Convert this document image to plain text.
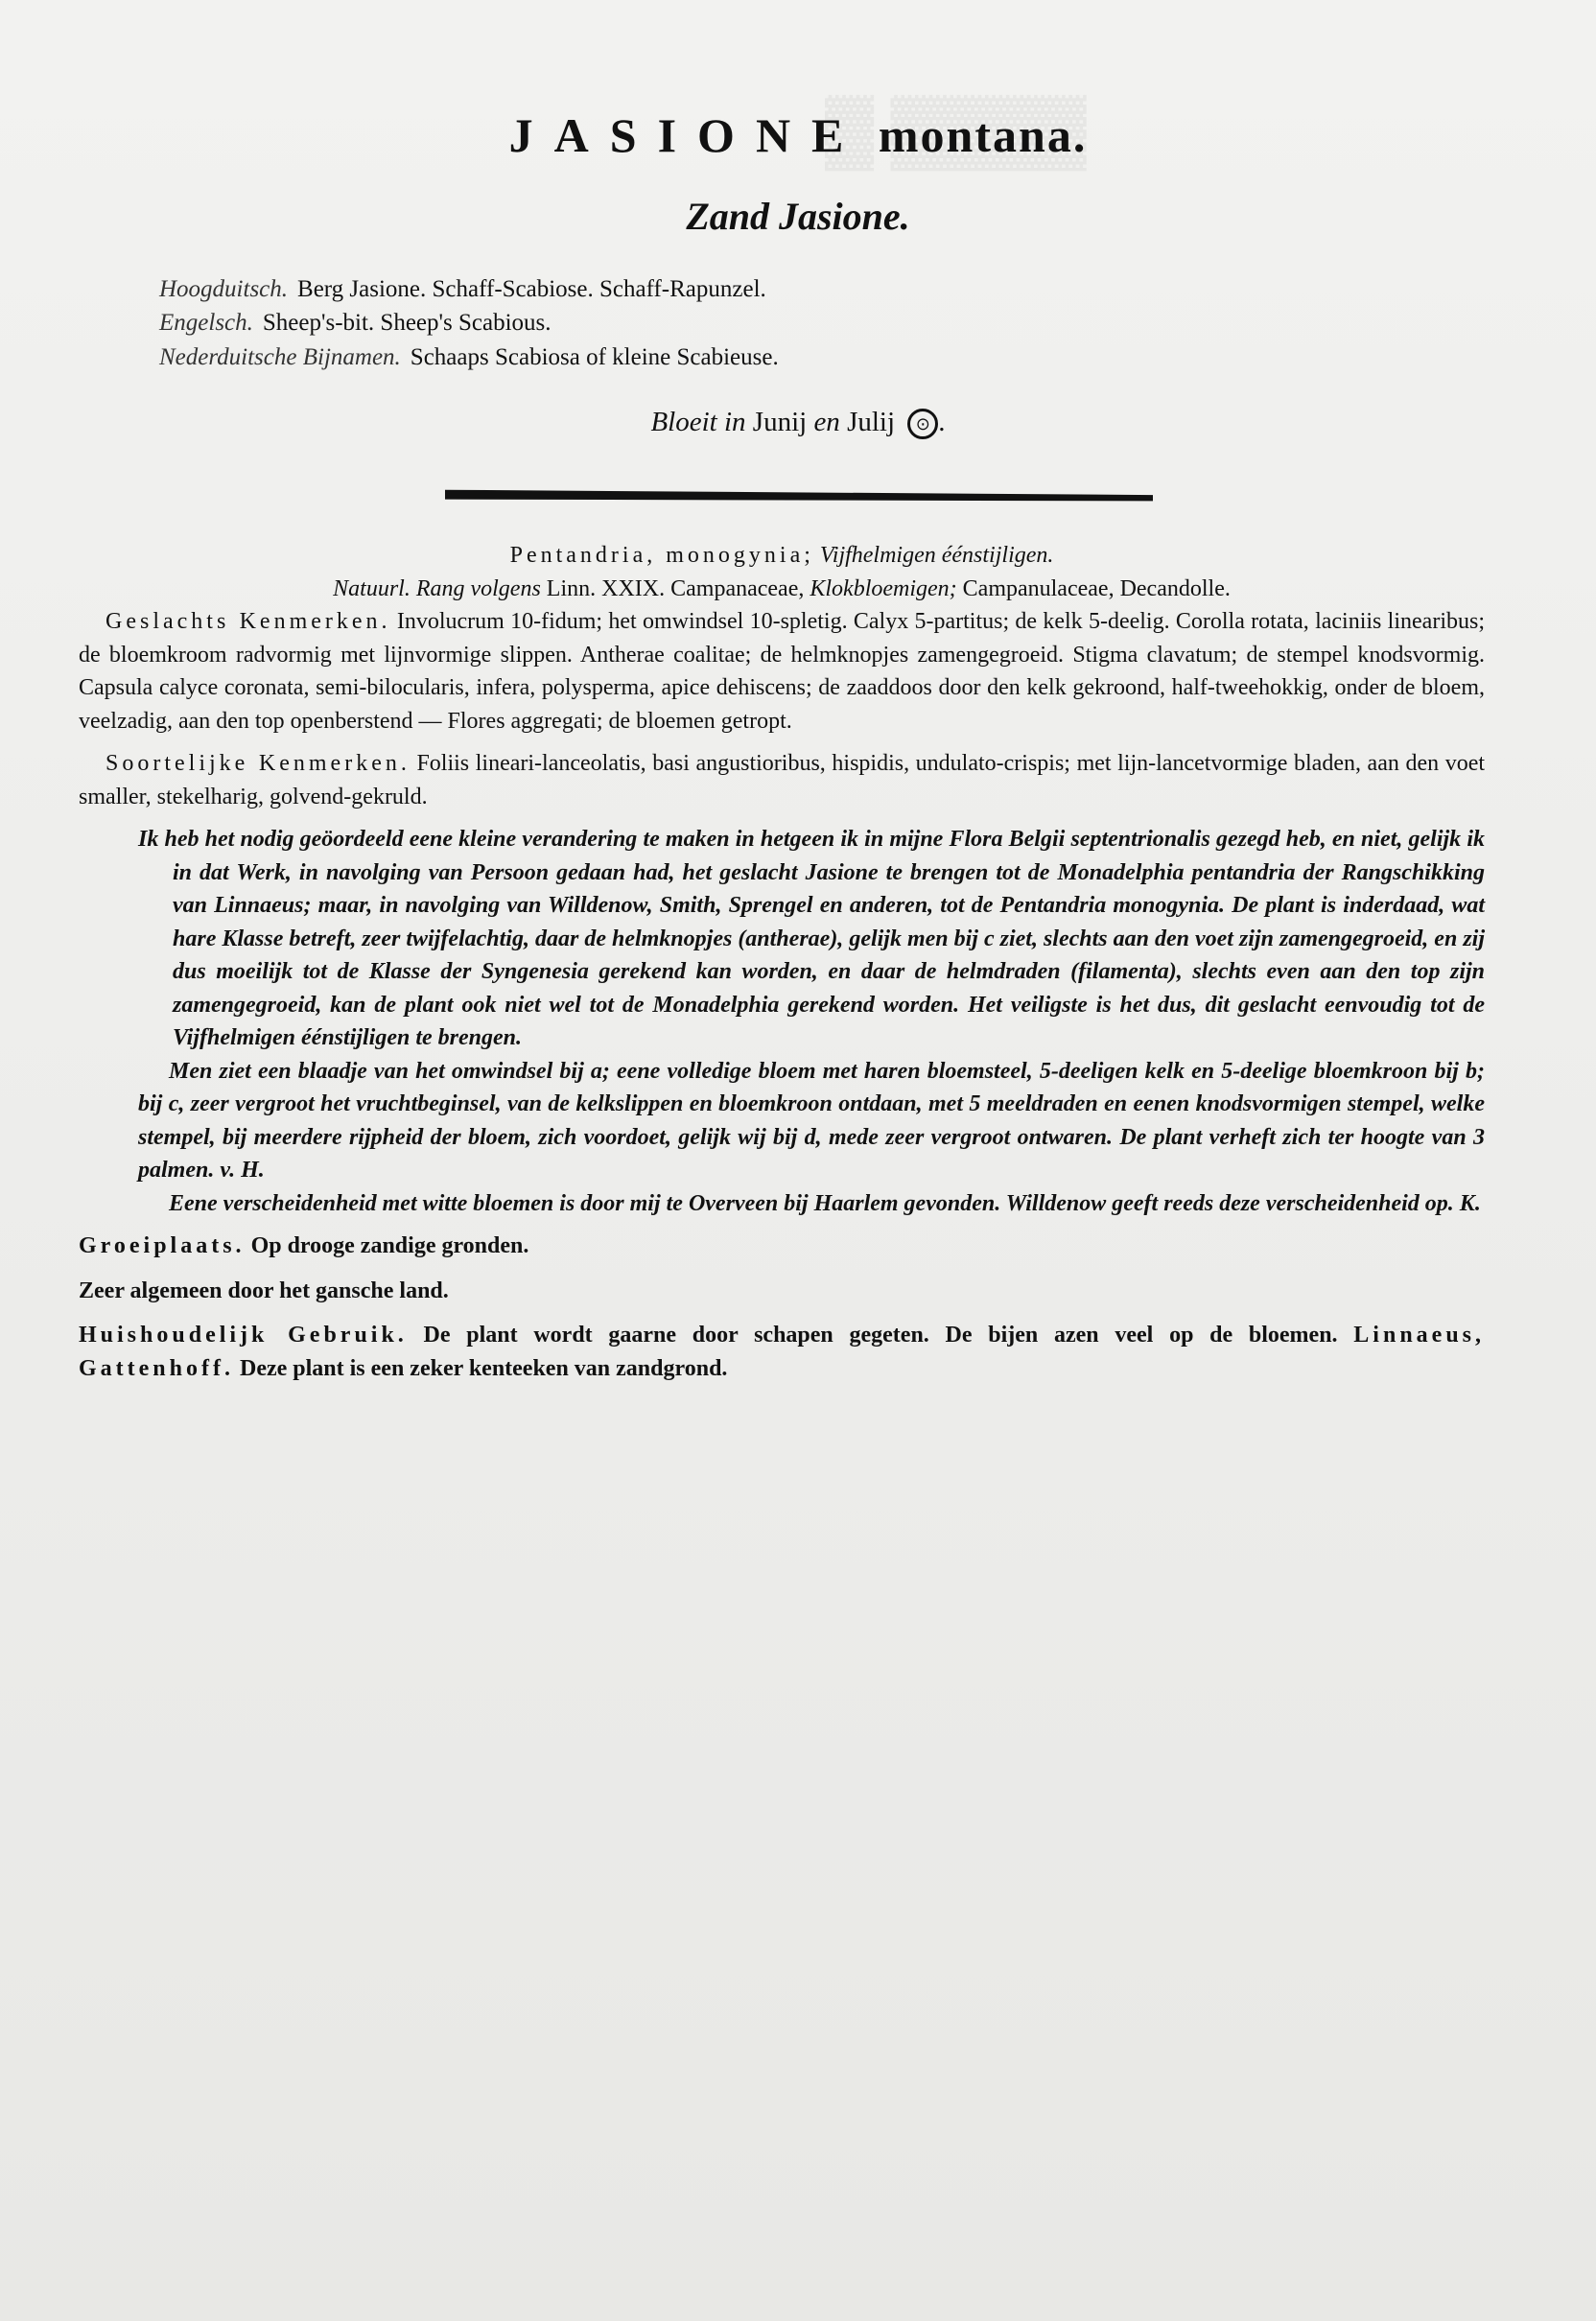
JASIONE montana.
Zand Jasione.
Hoogduitsch. Berg Jasione. Schaff-Scabiose. Schaff-Rapunzel.
Engelsch. Sheep's-bit. Sheep's Scabious.
Nederduitsche Bijnamen. Schaaps Scabiosa of kleine Scabieuse.
Bloeit in Junij en Julij ⊙ .

Pentandria, monogynia; Vijfhelmigen éénstijligen.

Natuurl. Rang volgens Linn. XXIX. Campanaceae, Klokbloemigen; Campanulaceae, Decandolle.

Geslachts Kenmerken. Involucrum 10-fidum; het omwindsel 10-spletig. Calyx 5-partitus; de kelk 5-deelig. Corolla rotata, laciniis linearibus; de bloemkroom radvormig met lijnvormige slippen. Antherae coalitae; de helmknopjes zamengegroeid. Stigma clavatum; de stempel knodsvormig. Capsula calyce coronata, semi-bilocularis, infera, polysperma, apice dehiscens; de zaaddoos door den kelk gekroond, half-tweehokkig, onder de bloem, veelzadig, aan den top openberstend — Flores aggregati; de bloemen getropt.

Soortelijke Kenmerken. Foliis lineari-lanceolatis, basi angustioribus, hispidis, undulato-crispis; met lijn-lancetvormige bladen, aan den voet smaller, stekelharig, golvend-gekruld.

Ik heb het nodig geöordeeld eene kleine verandering te maken in hetgeen ik in mijne Flora Belgii septentrionalis gezegd heb, en niet, gelijk ik in dat Werk, in navolging van Persoon gedaan had, het geslacht Jasione te brengen tot de Monadelphia pentandria der Rangschikking van Linnaeus; maar, in navolging van Willdenow, Smith, Sprengel en anderen, tot de Pentandria monogynia. De plant is inderdaad, wat hare Klasse betreft, zeer twijfelachtig, daar de helmknopjes (antherae), gelijk men bij c ziet, slechts aan den voet zijn zamengegroeid, en zij dus moeilijk tot de Klasse der Syngenesia gerekend kan worden, en daar de helmdraden (filamenta), slechts even aan den top zijn zamengegroeid, kan de plant ook niet wel tot de Monadelphia gerekend worden. Het veiligste is het dus, dit geslacht eenvoudig tot de Vijfhelmigen éénstijligen te brengen.

Men ziet een blaadje van het omwindsel bij a; eene volledige bloem met haren bloemsteel, 5-deeligen kelk en 5-deelige bloemkroon bij b; bij c, zeer vergroot het vruchtbeginsel, van de kelkslippen en bloemkroon ontdaan, met 5 meeldraden en eenen knodsvormigen stempel, welke stempel, bij meerdere rijpheid der bloem, zich voordoet, gelijk wij bij d, mede zeer vergroot ontwaren. De plant verheft zich ter hoogte van 3 palmen. v. H.

Eene verscheidenheid met witte bloemen is door mij te Overveen bij Haarlem gevonden. Willdenow geeft reeds deze verscheidenheid op. K.

Groeiplaats. Op drooge zandige gronden.

Zeer algemeen door het gansche land.

Huishoudelijk Gebruik. De plant wordt gaarne door schapen gegeten. De bijen azen veel op de bloemen. Linnaeus, Gattenhoff. Deze plant is een zeker kenteeken van zandgrond.
